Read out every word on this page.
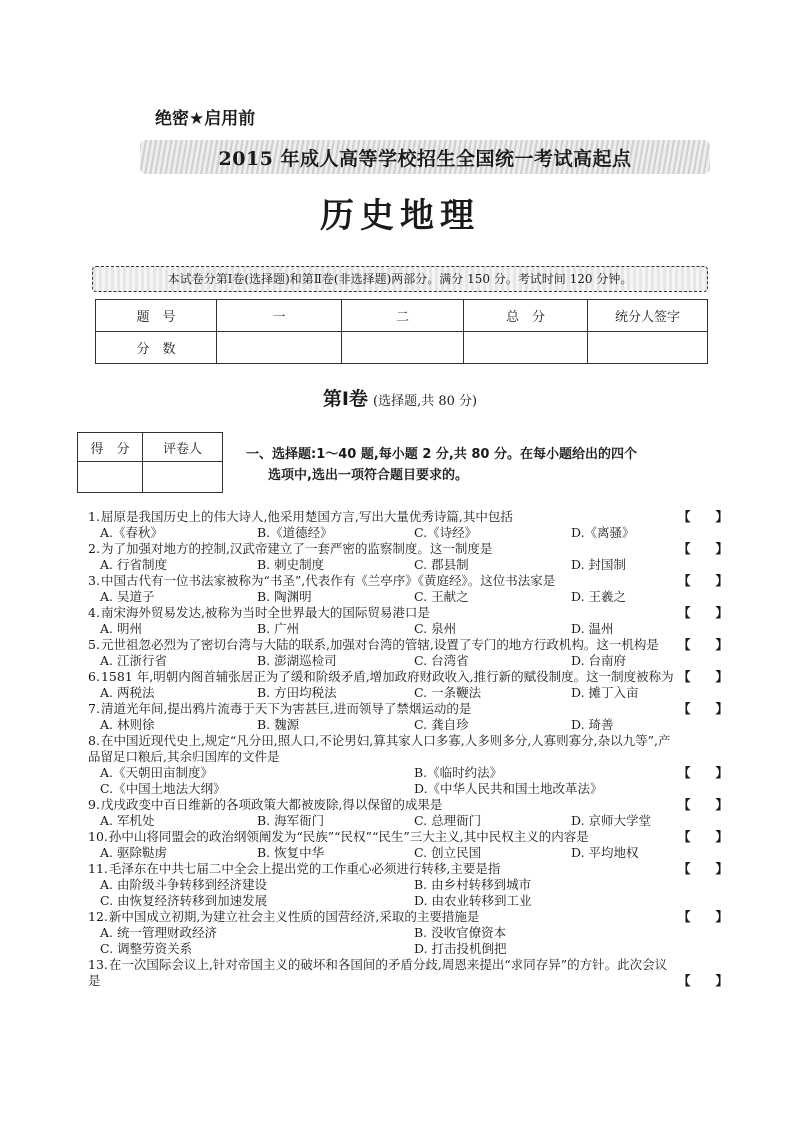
绝密★启用前
2015 年成人高等学校招生全国统一考试高起点
历史地理
本试卷分第Ⅰ卷(选择题)和第Ⅱ卷(非选择题)两部分。满分 150 分。考试时间 120 分钟。
题　号	一	二	总　分	统分人签字
分　数				
第Ⅰ卷 (选择题,共 80 分)
得　分	评卷人
		一、选择题:1～40 题,每小题 2 分,共 80 分。在每小题给出的四个
选项中,选出一项符合题目要求的。
1.屈原是我国历史上的伟大诗人,他采用楚国方言,写出大量优秀诗篇,其中包括	【　　】
A.《春秋》	B.《道德经》	C.《诗经》	D.《离骚》
2.为了加强对地方的控制,汉武帝建立了一套严密的监察制度。这一制度是	【　　】
A. 行省制度	B. 刺史制度	C. 郡县制	D. 封国制
3.中国古代有一位书法家被称为“书圣”,代表作有《兰亭序》《黄庭经》。这位书法家是	【　　】
A. 吴道子	B. 陶渊明	C. 王献之	D. 王羲之
4.南宋海外贸易发达,被称为当时全世界最大的国际贸易港口是	【　　】
A. 明州	B. 广州	C. 泉州	D. 温州
5.元世祖忽必烈为了密切台湾与大陆的联系,加强对台湾的管辖,设置了专门的地方行政机构。这一机构是	【　　】
A. 江浙行省	B. 澎湖巡检司	C. 台湾省	D. 台南府
6.1581 年,明朝内阁首辅张居正为了缓和阶级矛盾,增加政府财政收入,推行新的赋役制度。这一制度被称为 【　　】
A. 两税法	B. 方田均税法	C. 一条鞭法	D. 摊丁入亩
7.清道光年间,提出鸦片流毒于天下为害甚巨,进而领导了禁烟运动的是	【　　】
A. 林则徐	B. 魏源	C. 龚自珍	D. 琦善
8.在中国近现代史上,规定“凡分田,照人口,不论男妇,算其家人口多寡,人多则多分,人寡则寡分,杂以九等”,产品留足口粮后,其余归国库的文件是
【　　】
A.《天朝田亩制度》	B.《临时约法》
C.《中国土地法大纲》	D.《中华人民共和国土地改革法》
9.戊戌政变中百日维新的各项政策大都被废除,得以保留的成果是	【　　】
A. 军机处	B. 海军衙门	C. 总理衙门	D. 京师大学堂
10.孙中山将同盟会的政治纲领阐发为“民族”“民权”“民生”三大主义,其中民权主义的内容是	【　　】
A. 驱除鞑虏	B. 恢复中华	C. 创立民国	D. 平均地权
11.毛泽东在中共七届二中全会上提出党的工作重心必须进行转移,主要是指	【　　】
A. 由阶级斗争转移到经济建设	B. 由乡村转移到城市
C. 由恢复经济转移到加速发展	D. 由农业转移到工业
12.新中国成立初期,为建立社会主义性质的国营经济,采取的主要措施是	【　　】
A. 统一管理财政经济	B. 没收官僚资本
C. 调整劳资关系	D. 打击投机倒把
13.在一次国际会议上,针对帝国主义的破坏和各国间的矛盾分歧,周恩来提出“求同存异”的方针。此次会议是	【　　】
